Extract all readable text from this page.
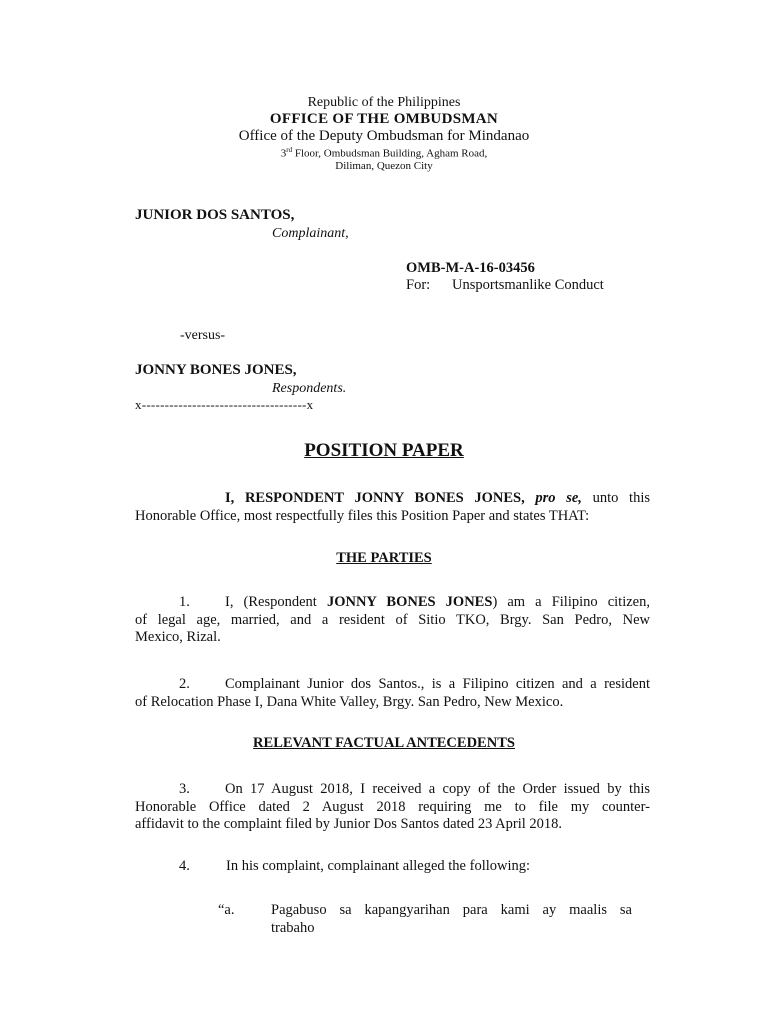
Republic of the Philippines
OFFICE OF THE OMBUDSMAN
Office of the Deputy Ombudsman for Mindanao
3rd Floor, Ombudsman Building, Agham Road,
Diliman, Quezon City
JUNIOR DOS SANTOS,
Complainant,
OMB-M-A-16-03456
For: Unsportsmanlike Conduct
-versus-
JONNY BONES JONES,
Respondents.
x------------------------------------x
POSITION PAPER
I, RESPONDENT JONNY BONES JONES, pro se, unto this
Honorable Office, most respectfully files this Position Paper and states THAT:
THE PARTIES
1. I, (Respondent JONNY BONES JONES) am a Filipino citizen,
of legal age, married, and a resident of Sitio TKO, Brgy. San Pedro, New
Mexico, Rizal.
2. Complainant Junior dos Santos., is a Filipino citizen and a resident
of Relocation Phase I, Dana White Valley, Brgy. San Pedro, New Mexico.
RELEVANT FACTUAL ANTECEDENTS
3. On 17 August 2018, I received a copy of the Order issued by this
Honorable Office dated 2 August 2018 requiring me to file my counter-
affidavit to the complaint filed by Junior Dos Santos dated 23 April 2018.
4. In his complaint, complainant alleged the following:
“a.	Pagabuso sa kapangyarihan para kami ay maalis sa
trabaho
